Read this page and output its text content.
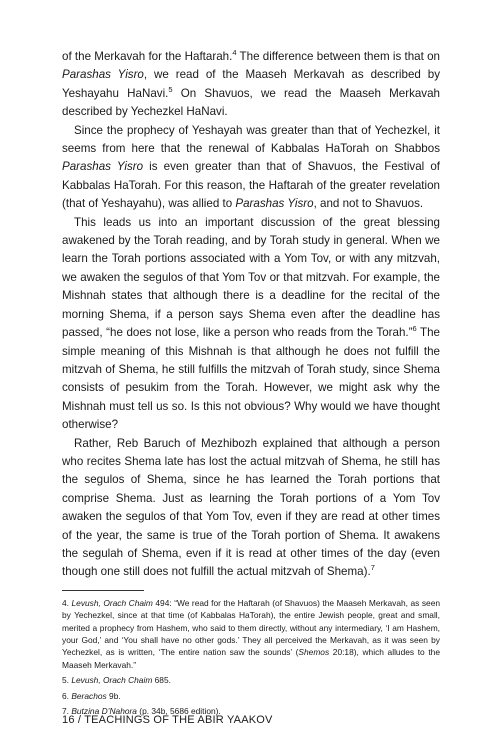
of the Merkavah for the Haftarah.$^4$ The difference between them is that on Parashas Yisro, we read of the Maaseh Merkavah as described by Yeshayahu HaNavi.$^5$ On Shavuos, we read the Maaseh Merkavah described by Yechezkel HaNavi.

Since the prophecy of Yeshayah was greater than that of Yechezkel, it seems from here that the renewal of Kabbalas HaTorah on Shabbos Parashas Yisro is even greater than that of Shavuos, the Festival of Kabbalas HaTorah. For this reason, the Haftarah of the greater revelation (that of Yeshayahu), was allied to Parashas Yisro, and not to Shavuos.

This leads us into an important discussion of the great blessing awakened by the Torah reading, and by Torah study in general. When we learn the Torah portions associated with a Yom Tov, or with any mitzvah, we awaken the segulos of that Yom Tov or that mitzvah. For example, the Mishnah states that although there is a deadline for the recital of the morning Shema, if a person says Shema even after the deadline has passed, “he does not lose, like a person who reads from the Torah.”$^6$ The simple meaning of this Mishnah is that although he does not fulfill the mitzvah of Shema, he still fulfills the mitzvah of Torah study, since Shema consists of pesukim from the Torah. However, we might ask why the Mishnah must tell us so. Is this not obvious? Why would we have thought otherwise?

Rather, Reb Baruch of Mezhibozh explained that although a person who recites Shema late has lost the actual mitzvah of Shema, he still has the segulos of Shema, since he has learned the Torah portions that comprise Shema. Just as learning the Torah portions of a Yom Tov awaken the segulos of that Yom Tov, even if they are read at other times of the year, the same is true of the Torah portion of Shema. It awakens the segulah of Shema, even if it is read at other times of the day (even though one still does not fulfill the actual mitzvah of Shema).$^7$

4. Levush, Orach Chaim 494: “We read for the Haftarah (of Shavuos) the Maaseh Merkavah, as seen by Yechezkel, since at that time (of Kabbalas HaTorah), the entire Jewish people, great and small, merited a prophecy from Hashem, who said to them directly, without any intermediary, ‘I am Hashem, your God,’ and ‘You shall have no other gods.’ They all perceived the Merkavah, as it was seen by Yechezkel, as is written, ‘The entire nation saw the sounds’ (Shemos 20:18), which alludes to the Maaseh Merkavah.”

5. Levush, Orach Chaim 685.

6. Berachos 9b.

7. Butzina D’Nahora (p. 34b, 5686 edition).

16 / TEACHINGS OF THE ABIR YAAKOV
